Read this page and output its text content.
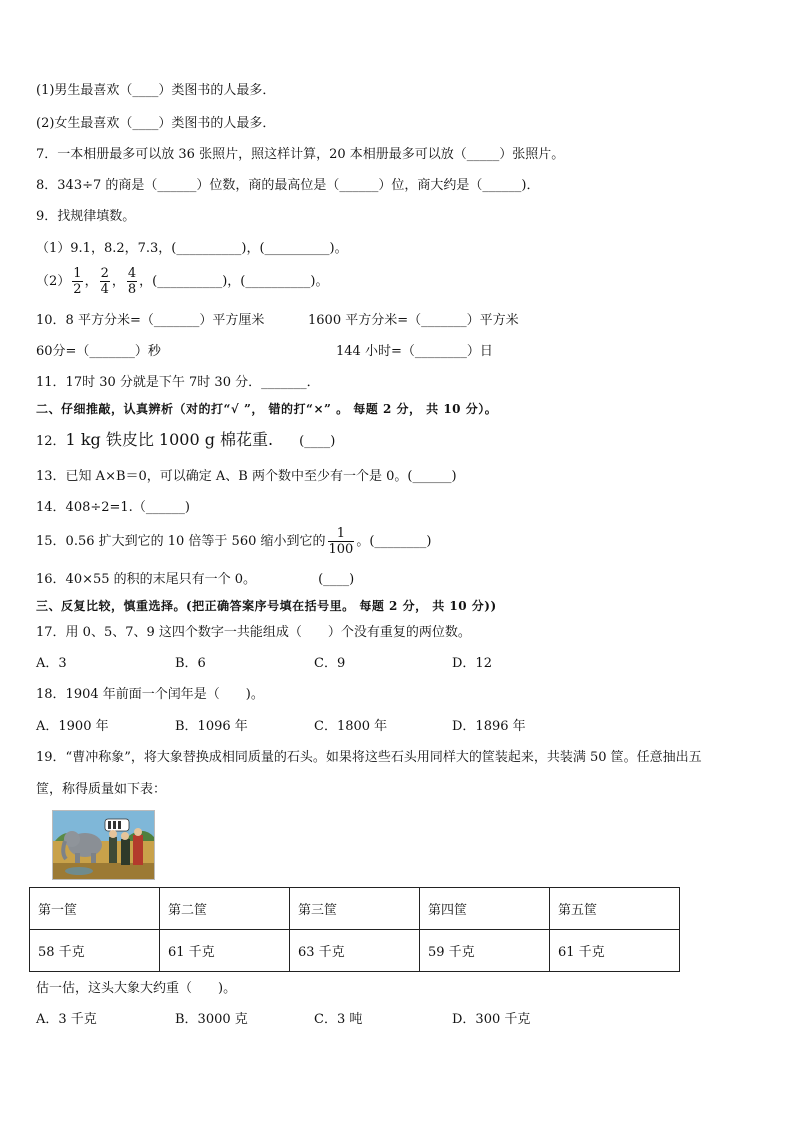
(1)男生最喜欢（____）类图书的人最多．
(2)女生最喜欢（____）类图书的人最多．
7．一本相册最多可以放 36 张照片，照这样计算，20 本相册最多可以放（_____）张照片。
8．343÷7 的商是（______）位数，商的最高位是（______）位，商大约是（______)．
9．找规律填数。
（1）9.1，8.2，7.3，(__________)，(__________)。
$(2) \frac{1}{2}$ ， $\frac{2}{4}$ ， $\frac{4}{8}$ ，(__________)，(__________)。
10．8 平方分米=（_______）平方厘米	1600 平方分米=（_______）平方米
60分=（_______）秒	144 小时=（________）日
11．17时 30 分就是下午 7时 30 分．_______．
二、仔细推敲，认真辨析（对的打“√ ”， 错的打“×” 。 每题 2 分， 共 10 分）。
12．1 kg 铁皮比 1000 g 棉花重. (____)
13．已知 A×B＝0，可以确定 A、B 两个数中至少有一个是 0。(______)
14．408÷2=1.（______)
15．0.56 扩大到它的 10 倍等于 560 缩小到它的 $\frac{1}{100}$ 。(________)
16．40×55 的积的末尾只有一个 0。	(____)
三、反复比较，慎重选择。(把正确答案序号填在括号里。 每题 2 分， 共 10 分))
17．用 0、5、7、9 这四个数字一共能组成（　　）个没有重复的两位数。
A．3	B．6	C．9	D．12
18．1904 年前面一个闰年是（　　)。
A．1900 年	B．1096 年	C．1800 年	D．1896 年
19．“曹冲称象”，将大象替换成相同质量的石头。如果将这些石头用同样大的筐装起来，共装满 50 筐。任意抽出五
筐，称得质量如下表：
第一筐	第二筐	第三筐	第四筐	第五筐
58 千克	61 千克	63 千克	59 千克	61 千克
估一估，这头大象大约重（　　)。
A．3 千克	B．3000 克	C．3 吨	D．300 千克
